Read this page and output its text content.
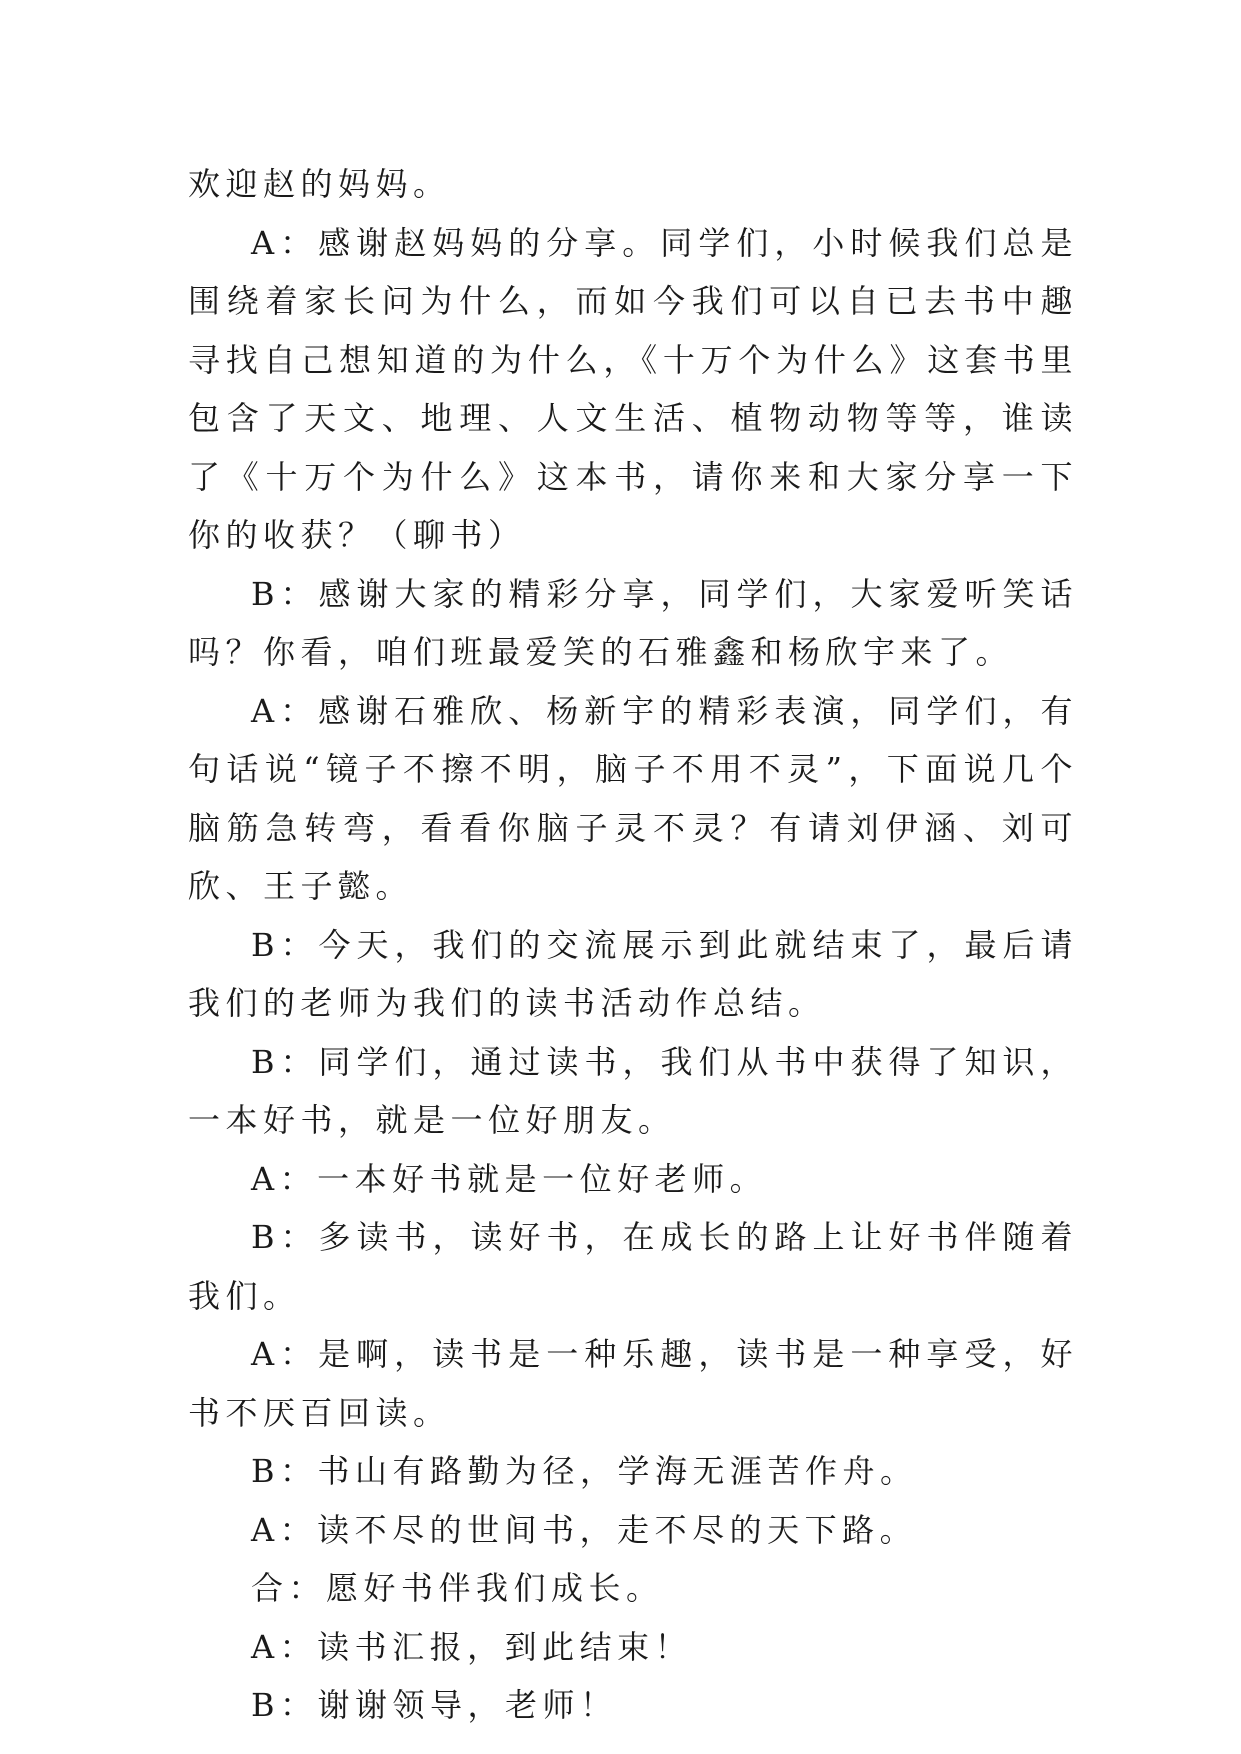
欢迎赵的妈妈。

A：感谢赵妈妈的分享。同学们，小时候我们总是围绕着家长问为什么，而如今我们可以自已去书中趣寻找自己想知道的为什么，《十万个为什么》这套书里包含了天文、地理、人文生活、植物动物等等，谁读了《十万个为什么》这本书，请你来和大家分享一下你的收获？（聊书）

B：感谢大家的精彩分享，同学们，大家爱听笑话吗？你看，咱们班最爱笑的石雅鑫和杨欣宇来了。

A：感谢石雅欣、杨新宇的精彩表演，同学们，有句话说“镜子不擦不明，脑子不用不灵”，下面说几个脑筋急转弯，看看你脑子灵不灵？有请刘伊涵、刘可欣、王子懿。

B：今天，我们的交流展示到此就结束了，最后请我们的老师为我们的读书活动作总结。

B：同学们，通过读书，我们从书中获得了知识，一本好书，就是一位好朋友。

A：一本好书就是一位好老师。

B：多读书，读好书，在成长的路上让好书伴随着我们。

A：是啊，读书是一种乐趣，读书是一种享受，好书不厌百回读。

B：书山有路勤为径，学海无涯苦作舟。

A：读不尽的世间书，走不尽的天下路。

合：愿好书伴我们成长。

A：读书汇报，到此结束！

B：谢谢领导，老师！
